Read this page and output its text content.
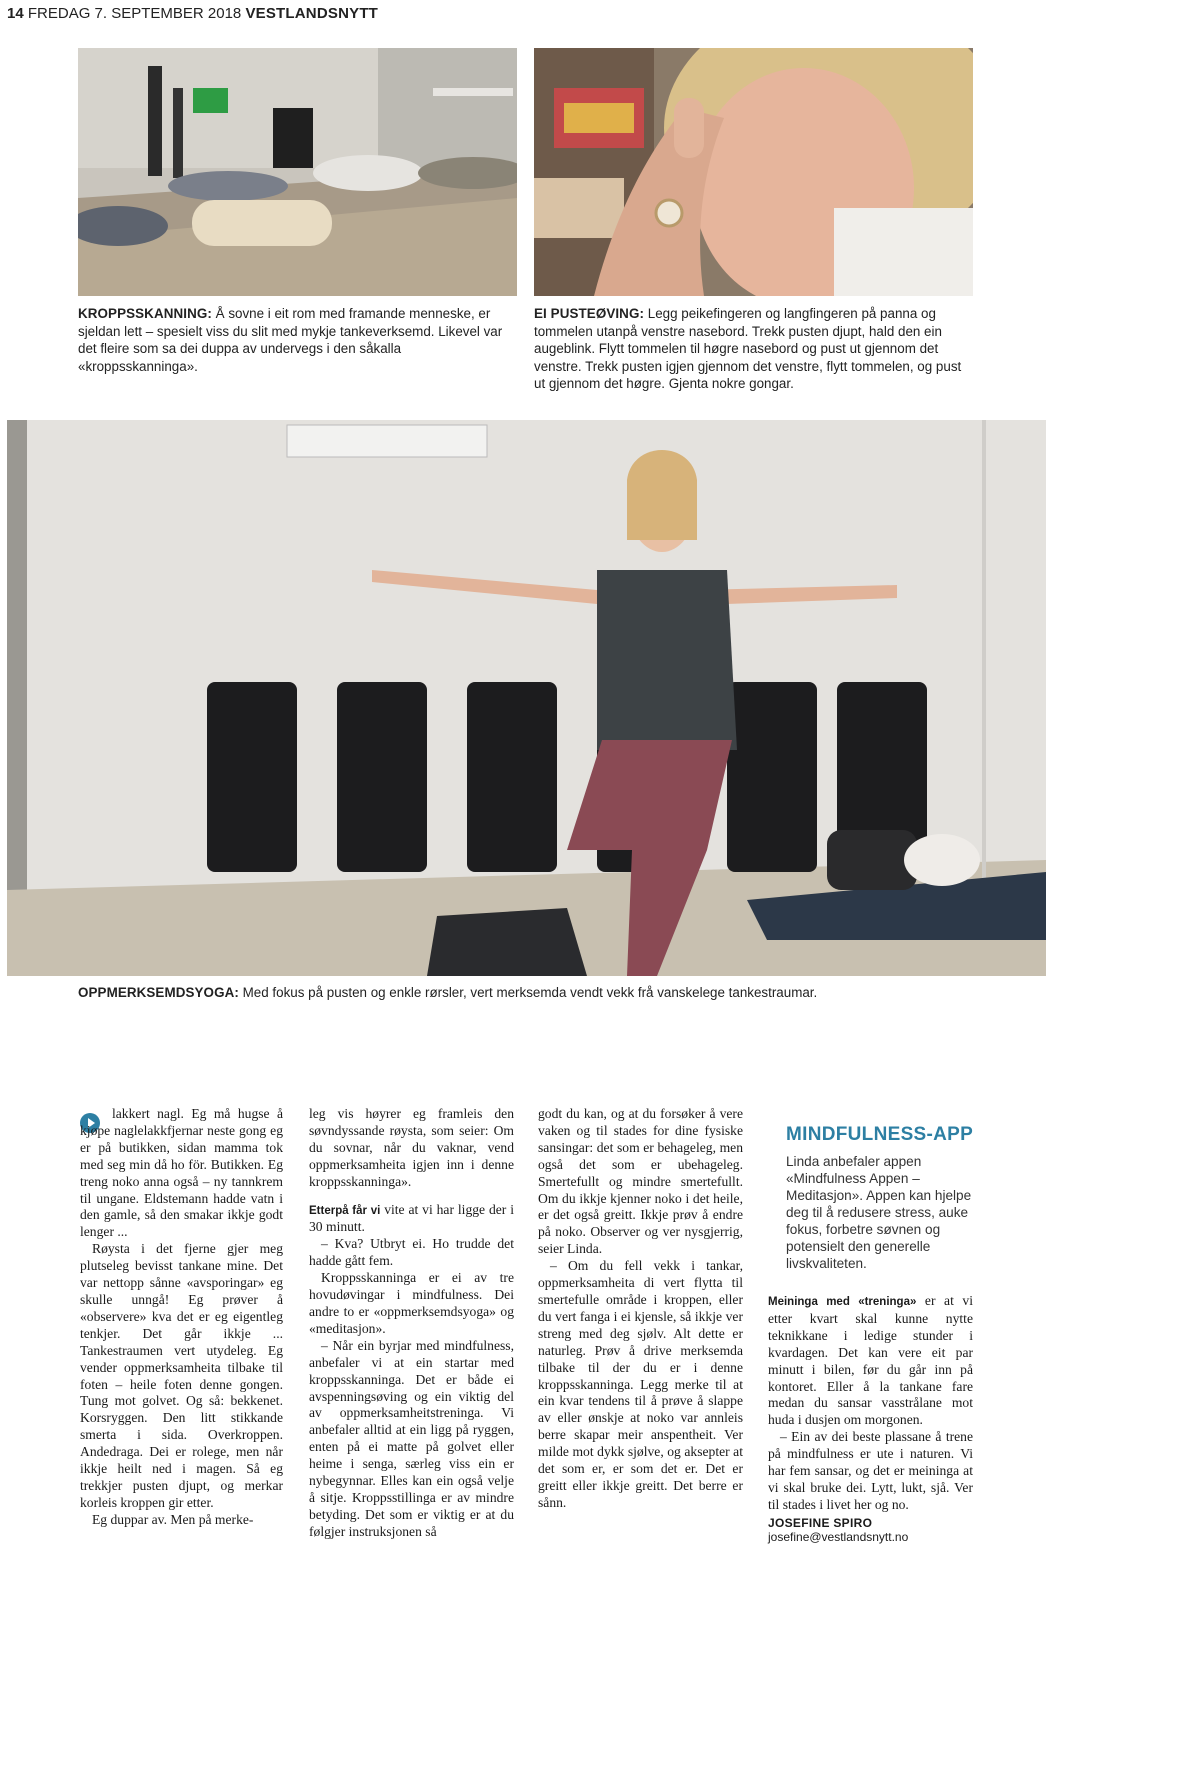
14 FREDAG 7. SEPTEMBER 2018 VESTLANDSNYTT
KROPPSSKANNING: Å sovne i eit rom med framande menneske, er sjeldan lett – spesielt viss du slit med mykje tankeverksemd. Likevel var det fleire som sa dei duppa av undervegs i den såkalla «kroppsskanninga».
EI PUSTEØVING: Legg peikefingeren og langfingeren på panna og tommelen utanpå venstre nasebord. Trekk pusten djupt, hald den ein augeblink. Flytt tommelen til høgre nasebord og pust ut gjennom det venstre. Trekk pusten igjen gjennom det venstre, flytt tommelen, og pust ut gjennom det høgre. Gjenta nokre gongar.
OPPMERKSEMDSYOGA: Med fokus på pusten og enkle rørsler, vert merksemda vendt vekk frå vanskelege tankestraumar.

lakkert nagl. Eg må hugse å kjøpe naglelakkfjernar neste gong eg er på butikken, sidan mamma tok med seg min då ho för. Butikken. Eg treng noko anna også – ny tannkrem til ungane. Eldstemann hadde vatn i den gamle, så den smakar ikkje godt lenger ...

Røysta i det fjerne gjer meg plutseleg bevisst tankane mine. Det var nettopp sånne «avsporingar» eg skulle unngå! Eg prøver å «observere» kva det er eg eigentleg tenkjer. Det går ikkje ... Tankestraumen vert utydeleg. Eg vender oppmerksamheita tilbake til foten – heile foten denne gongen. Tung mot golvet. Og så: bekkenet. Korsryggen. Den litt stikkande smerta i sida. Overkroppen. Andedraga. Dei er rolege, men når ikkje heilt ned i magen. Så eg trekkjer pusten djupt, og merkar korleis kroppen gir etter.

Eg duppar av. Men på merke-

leg vis høyrer eg framleis den søvndyssande røysta, som seier: Om du sovnar, når du vaknar, vend oppmerksamheita igjen inn i denne kroppsskanninga».

Etterpå får vi vite at vi har ligge der i 30 minutt.

– Kva? Utbryt ei. Ho trudde det hadde gått fem.

Kroppsskanninga er ei av tre hovudøvingar i mindfulness. Dei andre to er «oppmerksemdsyoga» og «meditasjon».

– Når ein byrjar med mindfulness, anbefaler vi at ein startar med kroppsskanninga. Det er både ei avspenningsøving og ein viktig del av oppmerksamheitstreninga. Vi anbefaler alltid at ein ligg på ryggen, enten på ei matte på golvet eller heime i senga, særleg viss ein er nybegynnar. Elles kan ein også velje å sitje. Kroppsstillinga er av mindre betyding. Det som er viktig er at du følgjer instruksjonen så

godt du kan, og at du forsøker å vere vaken og til stades for dine fysiske sansingar: det som er behageleg, men også det som er ubehageleg. Smertefullt og mindre smertefullt. Om du ikkje kjenner noko i det heile, er det også greitt. Ikkje prøv å endre på noko. Observer og ver nysgjerrig, seier Linda.

– Om du fell vekk i tankar, oppmerksamheita di vert flytta til smertefulle område i kroppen, eller du vert fanga i ei kjensle, så ikkje ver streng med deg sjølv. Alt dette er naturleg. Prøv å drive merksemda tilbake til der du er i denne kroppsskanninga. Legg merke til at ein kvar tendens til å prøve å slappe av eller ønskje at noko var annleis berre skapar meir anspentheit. Ver milde mot dykk sjølve, og aksepter at det som er, er som det er. Det er greitt eller ikkje greitt. Det berre er sånn.

MINDFULNESS-APP
Linda anbefaler appen «Mindfulness Appen – Meditasjon». Appen kan hjelpe deg til å redusere stress, auke fokus, forbetre søvnen og potensielt den generelle livskvaliteten.

Meininga med «treninga» er at vi etter kvart skal kunne nytte teknikkane i ledige stunder i kvardagen. Det kan vere eit par minutt i bilen, før du går inn på kontoret. Eller å la tankane fare medan du sansar vasstrålane mot huda i dusjen om morgonen.

– Ein av dei beste plassane å trene på mindfulness er ute i naturen. Vi har fem sansar, og det er meininga at vi skal bruke dei. Lytt, lukt, sjå. Ver til stades i livet her og no.

JOSEFINE SPIRO
josefine@vestlandsnytt.no
